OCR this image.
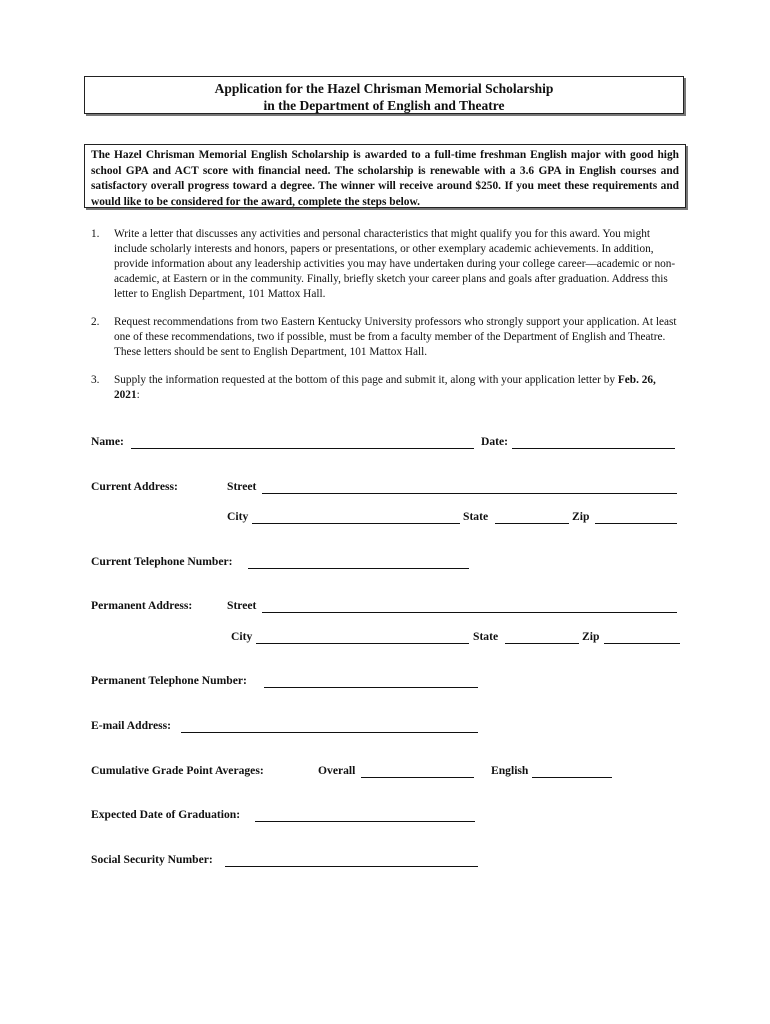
Application for the Hazel Chrisman Memorial Scholarship
in the Department of English and Theatre
The Hazel Chrisman Memorial English Scholarship is awarded to a full-time freshman English major with good high school GPA and ACT score with financial need. The scholarship is renewable with a 3.6 GPA in English courses and satisfactory overall progress toward a degree. The winner will receive around $250. If you meet these requirements and would like to be considered for the award, complete the steps below.
1. Write a letter that discusses any activities and personal characteristics that might qualify you for this award. You might include scholarly interests and honors, papers or presentations, or other exemplary academic achievements. In addition, provide information about any leadership activities you may have undertaken during your college career—academic or non-academic, at Eastern or in the community. Finally, briefly sketch your career plans and goals after graduation. Address this letter to English Department, 101 Mattox Hall.
2. Request recommendations from two Eastern Kentucky University professors who strongly support your application. At least one of these recommendations, two if possible, must be from a faculty member of the Department of English and Theatre. These letters should be sent to English Department, 101 Mattox Hall.
3. Supply the information requested at the bottom of this page and submit it, along with your application letter by Feb. 26, 2021:
Name:	Date:
Current Address:	Street
City	State	Zip
Current Telephone Number:
Permanent Address:	Street
City	State	Zip
Permanent Telephone Number:
E-mail Address:
Cumulative Grade Point Averages:	Overall	English
Expected Date of Graduation:
Social Security Number:
